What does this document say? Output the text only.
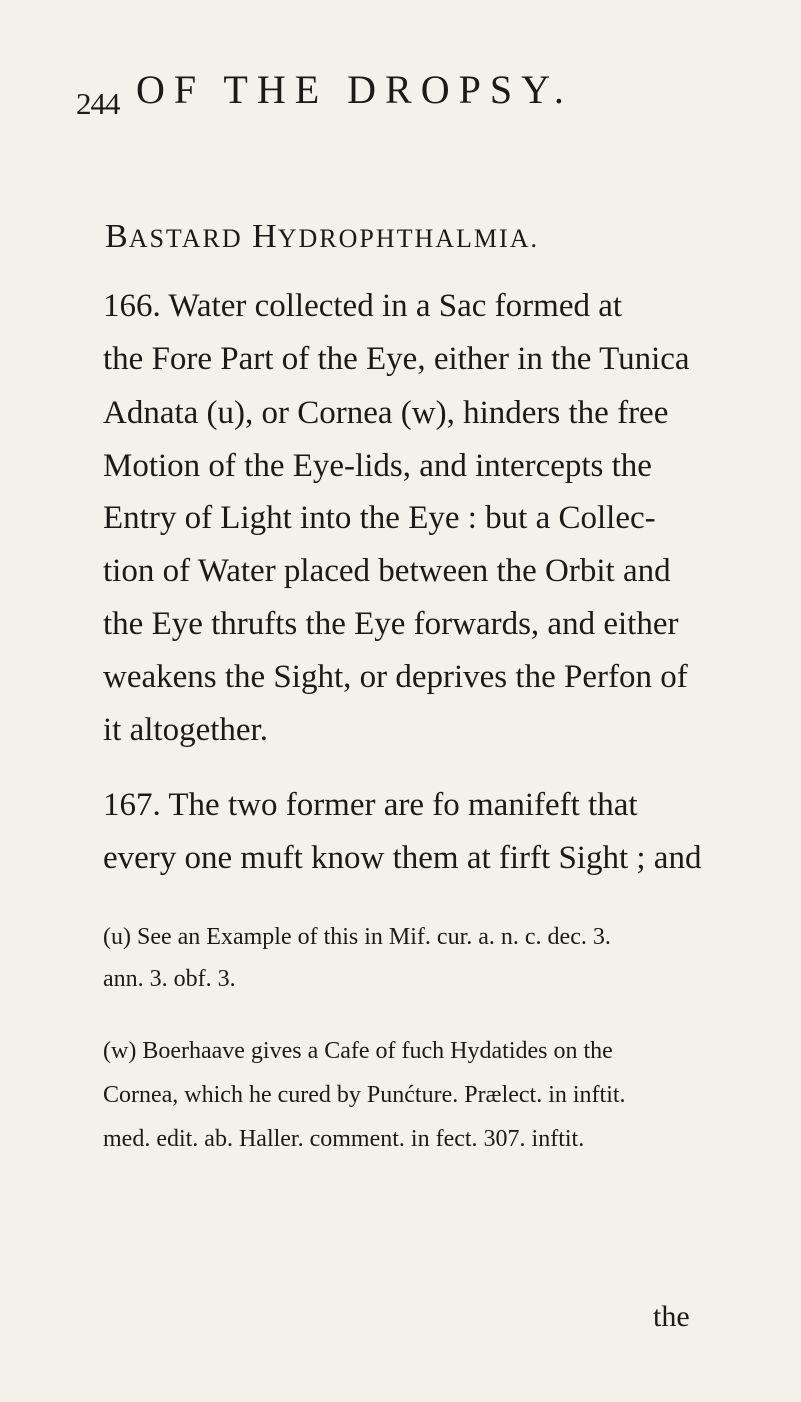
244 OF THE DROPSY.
BASTARD HYDROPHTHALMIA.
166. Water collected in a Sac formed at
the Fore Part of the Eye, either in the Tunica
Adnata (u), or Cornea (w), hinders the free
Motion of the Eye-lids, and intercepts the
Entry of Light into the Eye : but a Collec-
tion of Water placed between the Orbit and
the Eye thrufts the Eye forwards, and either
weakens the Sight, or deprives the Perfon of
it altogether.
167. The two former are fo manifeft that
every one muft know them at firft Sight ; and
(u) See an Example of this in Mif. cur. a. n. c. dec. 3.
ann. 3. obf. 3.
(w) Boerhaave gives a Cafe of fuch Hydatides on the
Cornea, which he cured by Punćture. Prælect. in inftit.
med. edit. ab. Haller. comment. in fect. 307. inftit.
the
